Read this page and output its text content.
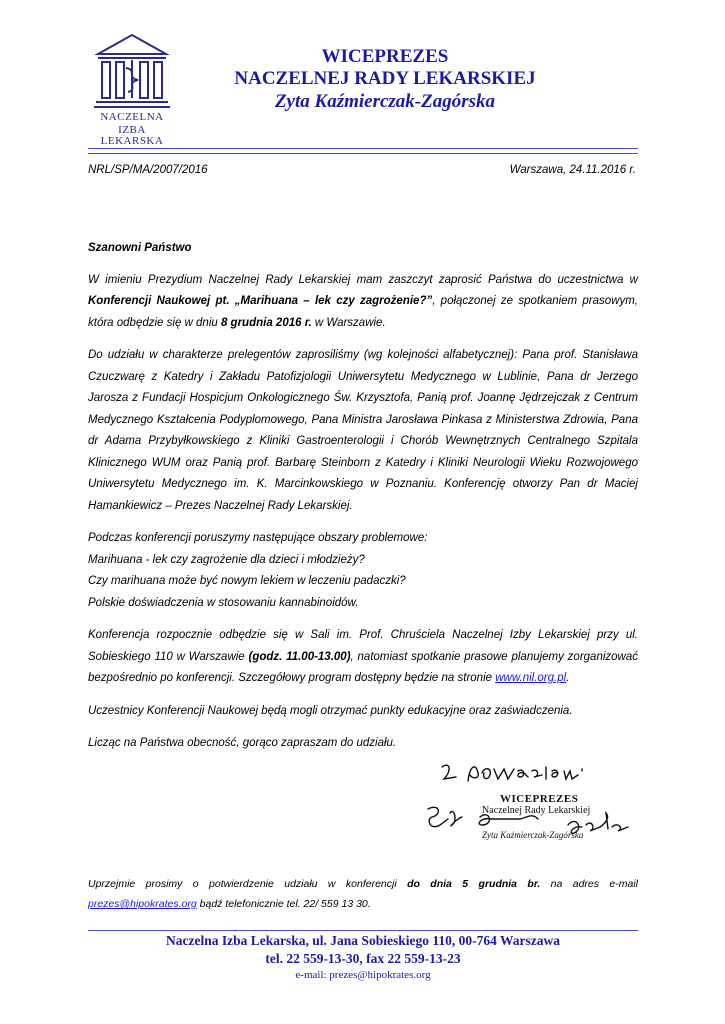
NACZELNA
IZBA LEKARSKA
WICEPREZES
NACZELNEJ RADY LEKARSKIEJ
Zyta Kaźmierczak-Zagórska
NRL/SP/MA/2007/2016	Warszawa, 24.11.2016 r.

Szanowni Państwo

W imieniu Prezydium Naczelnej Rady Lekarskiej mam zaszczyt zaprosić Państwa do uczestnictwa w Konferencji Naukowej pt. „Marihuana – lek czy zagrożenie?”, połączonej ze spotkaniem prasowym, która odbędzie się w dniu 8 grudnia 2016 r. w Warszawie.

Do udziału w charakterze prelegentów zaprosiliśmy (wg kolejności alfabetycznej): Pana prof. Stanisława Czuczwarę z Katedry i Zakładu Patofizjologii Uniwersytetu Medycznego w Lublinie, Pana dr Jerzego Jarosza z Fundacji Hospicjum Onkologicznego Św. Krzysztofa, Panią prof. Joannę Jędrzejczak z Centrum Medycznego Kształcenia Podyplomowego, Pana Ministra Jarosława Pinkasa z Ministerstwa Zdrowia, Pana dr Adama Przybyłkowskiego z Kliniki Gastroenterologii i Chorób Wewnętrznych Centralnego Szpitala Klinicznego WUM oraz Panią prof. Barbarę Steinborn z Katedry i Kliniki Neurologii Wieku Rozwojowego Uniwersytetu Medycznego im. K. Marcinkowskiego w Poznaniu. Konferencję otworzy Pan dr Maciej Hamankiewicz – Prezes Naczelnej Rady Lekarskiej.

Podczas konferencji poruszymy następujące obszary problemowe:
Marihuana - lek czy zagrożenie dla dzieci i młodzieży?
Czy marihuana może być nowym lekiem w leczeniu padaczki?
Polskie doświadczenia w stosowaniu kannabinoidów.

Konferencja rozpocznie odbędzie się w Sali im. Prof. Chruściela Naczelnej Izby Lekarskiej przy ul. Sobieskiego 110 w Warszawie (godz. 11.00-13.00), natomiast spotkanie prasowe planujemy zorganizować bezpośrednio po konferencji. Szczegółowy program dostępny będzie na stronie www.nil.org.pl.

Uczestnicy Konferencji Naukowej będą mogli otrzymać punkty edukacyjne oraz zaświadczenia.

Licząc na Państwa obecność, gorąco zapraszam do udziału.

WICEPREZES
Naczelnej Rady Lekarskiej
Zyta Kaźmierczak-Zagórska
Uprzejmie prosimy o potwierdzenie udziału w konferencji do dnia 5 grudnia br. na adres e-mail prezes@hipokrates.org bądź telefonicznie tel. 22/ 559 13 30.
Naczelna Izba Lekarska, ul. Jana Sobieskiego 110, 00-764 Warszawa
tel. 22 559-13-30, fax 22 559-13-23
e-mail: prezes@hipokrates.org
